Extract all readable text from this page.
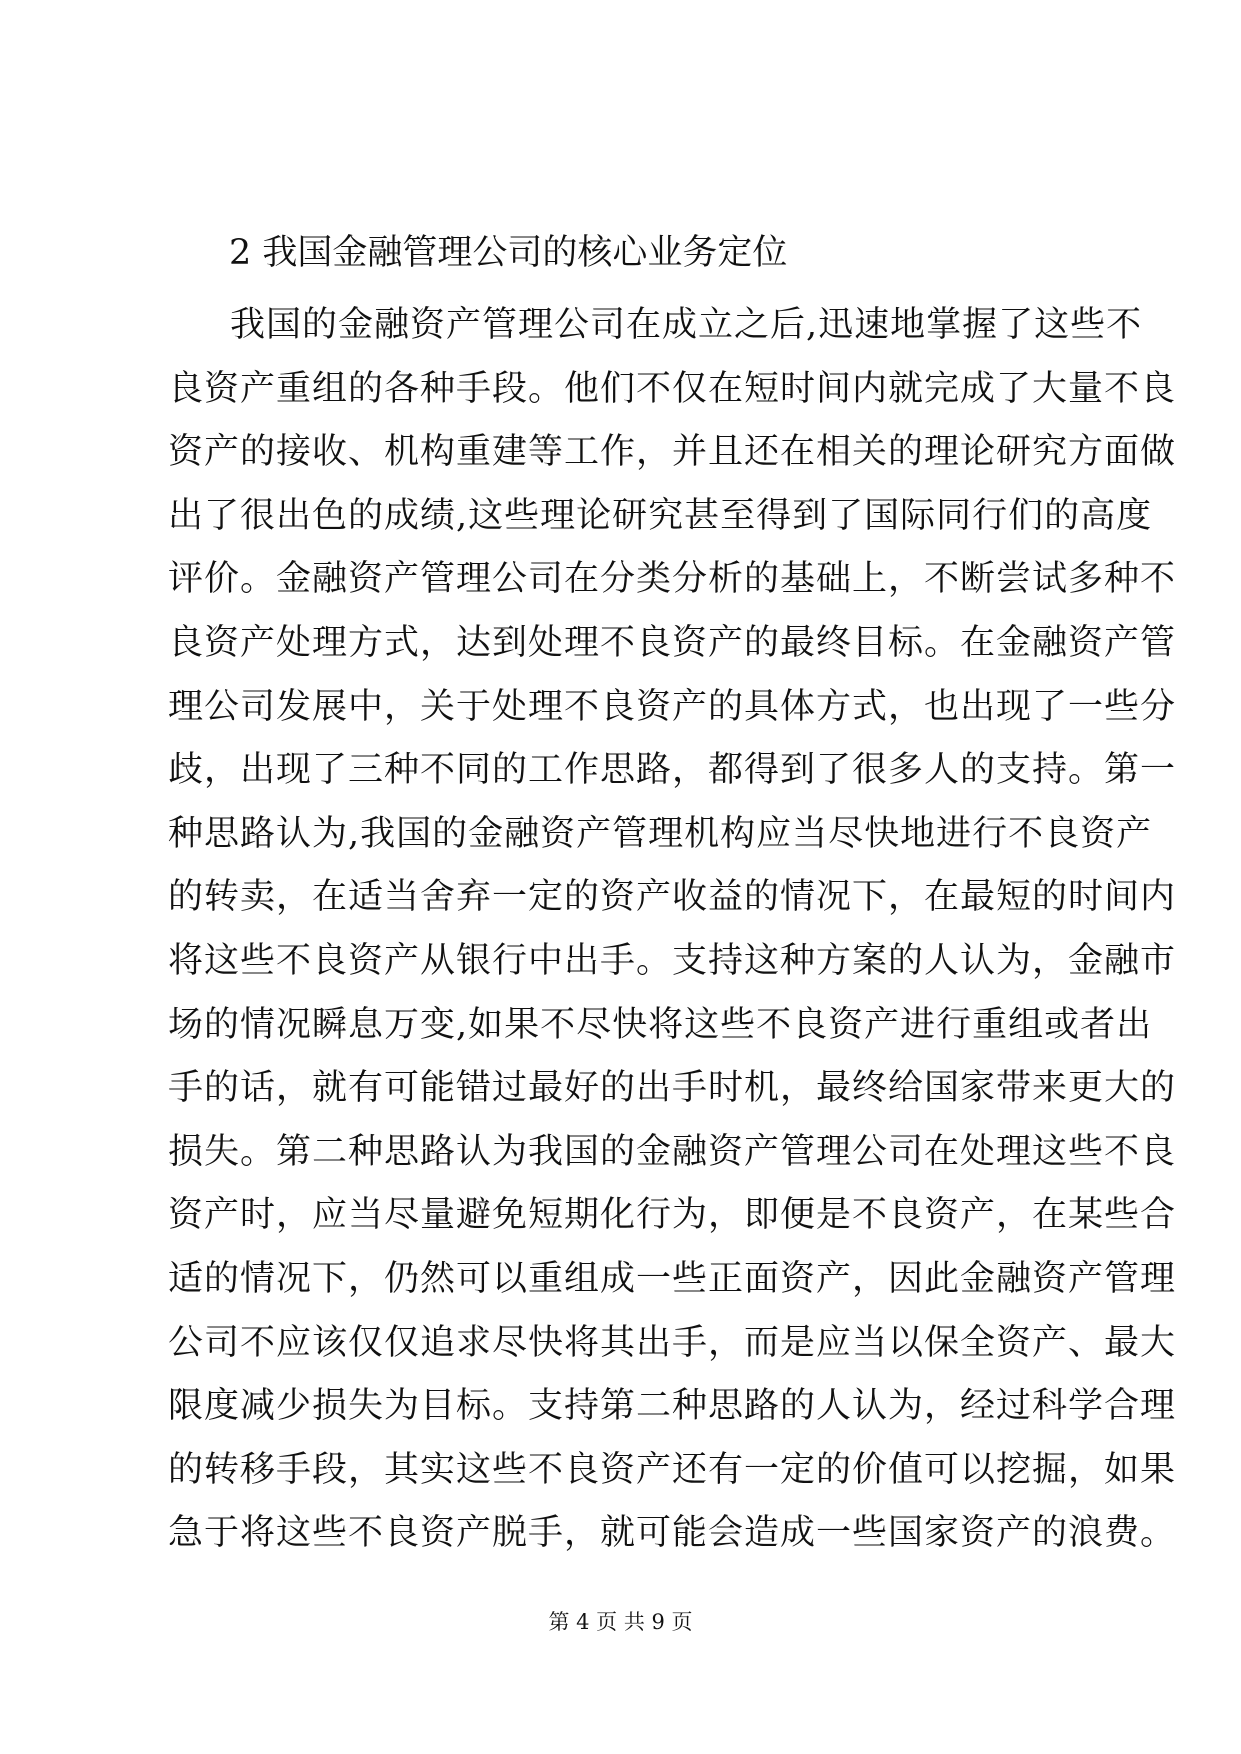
2 我国金融管理公司的核心业务定位
我国的金融资产管理公司在成立之后,迅速地掌握了这些不
良资产重组的各种手段。他们不仅在短时间内就完成了大量不良
资产的接收、机构重建等工作，并且还在相关的理论研究方面做
出了很出色的成绩,这些理论研究甚至得到了国际同行们的高度
评价。金融资产管理公司在分类分析的基础上，不断尝试多种不
良资产处理方式，达到处理不良资产的最终目标。在金融资产管
理公司发展中，关于处理不良资产的具体方式，也出现了一些分
歧，出现了三种不同的工作思路，都得到了很多人的支持。第一
种思路认为,我国的金融资产管理机构应当尽快地进行不良资产
的转卖，在适当舍弃一定的资产收益的情况下，在最短的时间内
将这些不良资产从银行中出手。支持这种方案的人认为，金融市
场的情况瞬息万变,如果不尽快将这些不良资产进行重组或者出
手的话，就有可能错过最好的出手时机，最终给国家带来更大的
损失。第二种思路认为我国的金融资产管理公司在处理这些不良
资产时，应当尽量避免短期化行为，即便是不良资产，在某些合
适的情况下，仍然可以重组成一些正面资产，因此金融资产管理
公司不应该仅仅追求尽快将其出手，而是应当以保全资产、最大
限度减少损失为目标。支持第二种思路的人认为，经过科学合理
的转移手段，其实这些不良资产还有一定的价值可以挖掘，如果
急于将这些不良资产脱手，就可能会造成一些国家资产的浪费。
第 4 页 共 9 页
